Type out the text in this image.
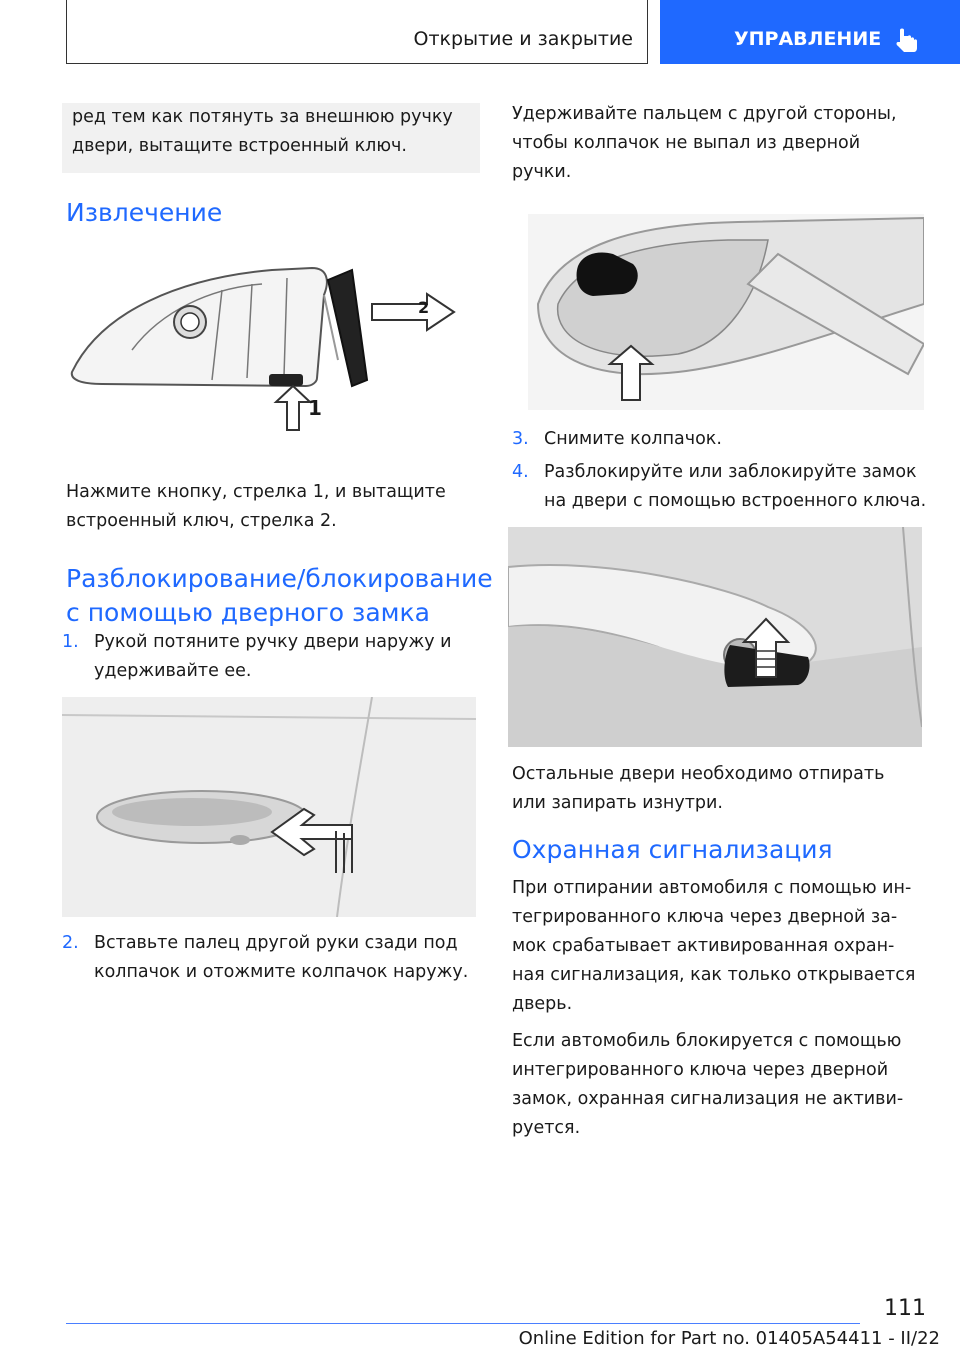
Открытие и закрытие	УПРАВЛЕНИЕ
ред тем как потянуть за внешнюю ручку
двери, вытащите встроенный ключ.
Извлечение
2
1
Нажмите кнопку, стрелка 1, и вытащите
встроенный ключ, стрелка 2.
Разблокирование/блокирование
с помощью дверного замка
1. Рукой потяните ручку двери наружу и
удерживайте ее.
2. Вставьте палец другой руки сзади под
колпачок и отожмите колпачок наружу.
Удерживайте пальцем с другой стороны,
чтобы колпачок не выпал из дверной
ручки.
3. Снимите колпачок.
4. Разблокируйте или заблокируйте замок
на двери с помощью встроенного ключа.
Остальные двери необходимо отпирать
или запирать изнутри.
Охранная сигнализация
При отпирании автомобиля с помощью ин-
тегрированного ключа через дверной за-
мок срабатывает активированная охран-
ная сигнализация, как только открывается
дверь.
Если автомобиль блокируется с помощью
интегрированного ключа через дверной
замок, охранная сигнализация не активи-
руется.
111
Online Edition for Part no. 01405A54411 - II/22
